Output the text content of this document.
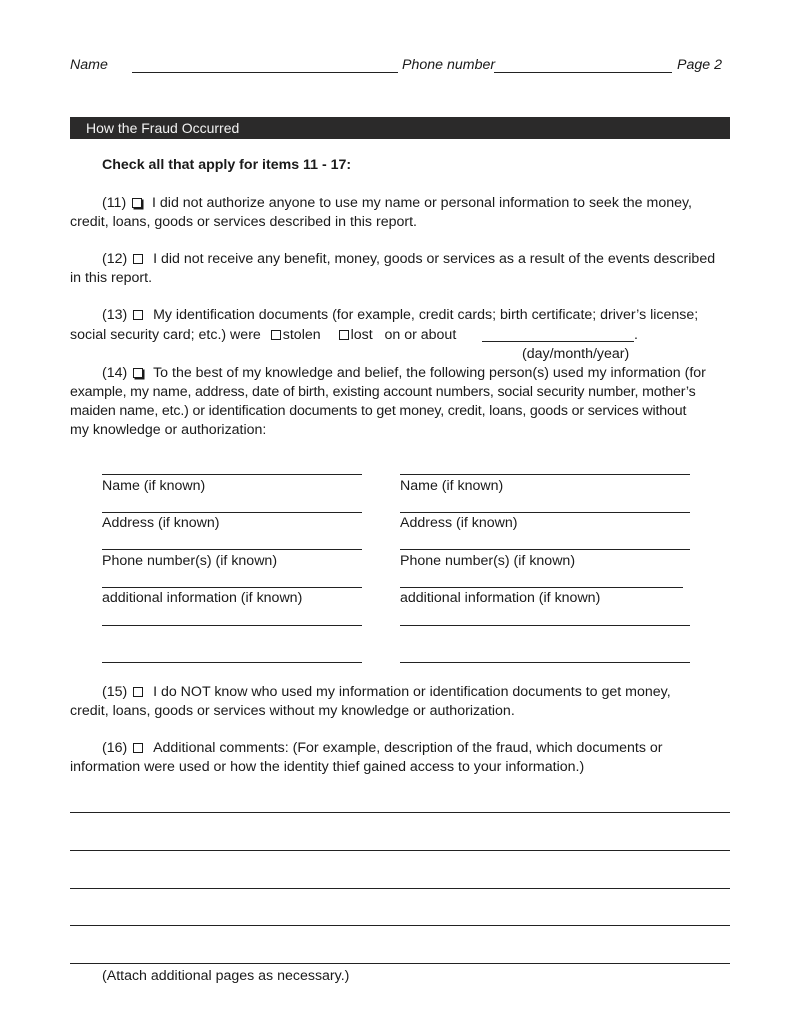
Name	Phone number	Page 2
How the Fraud Occurred
Check all that apply for items 11 - 17:
(11) I did not authorize anyone to use my name or personal information to seek the money,
credit, loans, goods or services described in this report.
(12) I did not receive any benefit, money, goods or services as a result of the events described
in this report.
(13) My identification documents (for example, credit cards; birth certificate; driver’s license;
social security card; etc.) were stolen lost on or about	.
(day/month/year)
(14) To the best of my knowledge and belief, the following person(s) used my information (for
example, my name, address, date of birth, existing account numbers, social security number, mother’s
maiden name, etc.) or identification documents to get money, credit, loans, goods or services without
my knowledge or authorization:
Name (if known)
Address (if known)
Phone number(s) (if known)
additional information (if known)
Name (if known)
Address (if known)
Phone number(s) (if known)
additional information (if known)
(15) I do NOT know who used my information or identification documents to get money,
credit, loans, goods or services without my knowledge or authorization.
(16) Additional comments: (For example, description of the fraud, which documents or
information were used or how the identity thief gained access to your information.)
(Attach additional pages as necessary.)
